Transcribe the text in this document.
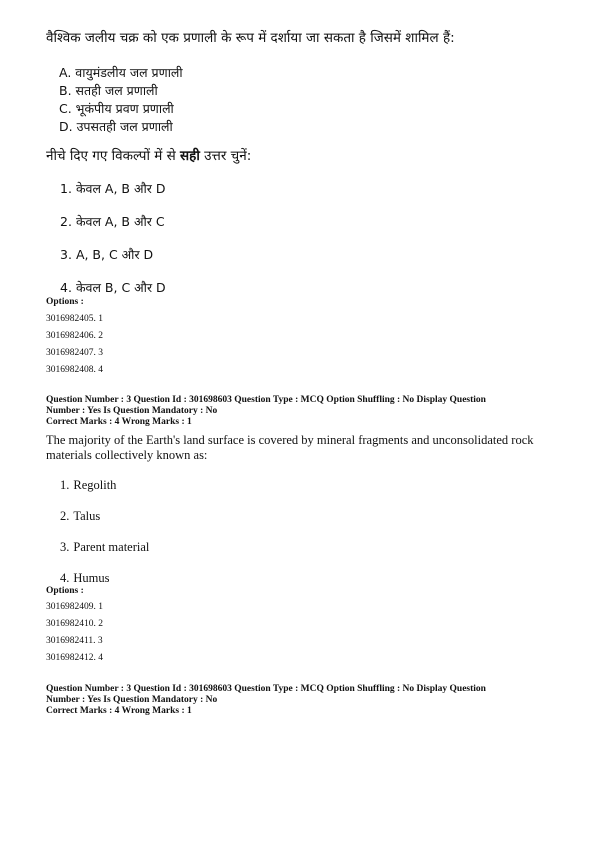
वैश्विक जलीय चक्र को एक प्रणाली के रूप में दर्शाया जा सकता है जिसमें शामिल हैं:
A. वायुमंडलीय जल प्रणाली
B. सतही जल प्रणाली
C. भूकंपीय प्रवण प्रणाली
D. उपसतही जल प्रणाली
नीचे दिए गए विकल्पों में से सही उत्तर चुनें:
1. केवल A, B और D
2. केवल A, B और C
3. A, B, C और D
4. केवल B, C और D
Options :
3016982405. 1
3016982406. 2
3016982407. 3
3016982408. 4
Question Number : 3 Question Id : 301698603 Question Type : MCQ Option Shuffling : No Display Question
Number : Yes Is Question Mandatory : No
Correct Marks : 4 Wrong Marks : 1
The majority of the Earth's land surface is covered by mineral fragments and unconsolidated rock
materials collectively known as:
1. Regolith
2. Talus
3. Parent material
4. Humus
Options :
3016982409. 1
3016982410. 2
3016982411. 3
3016982412. 4
Question Number : 3 Question Id : 301698603 Question Type : MCQ Option Shuffling : No Display Question
Number : Yes Is Question Mandatory : No
Correct Marks : 4 Wrong Marks : 1
